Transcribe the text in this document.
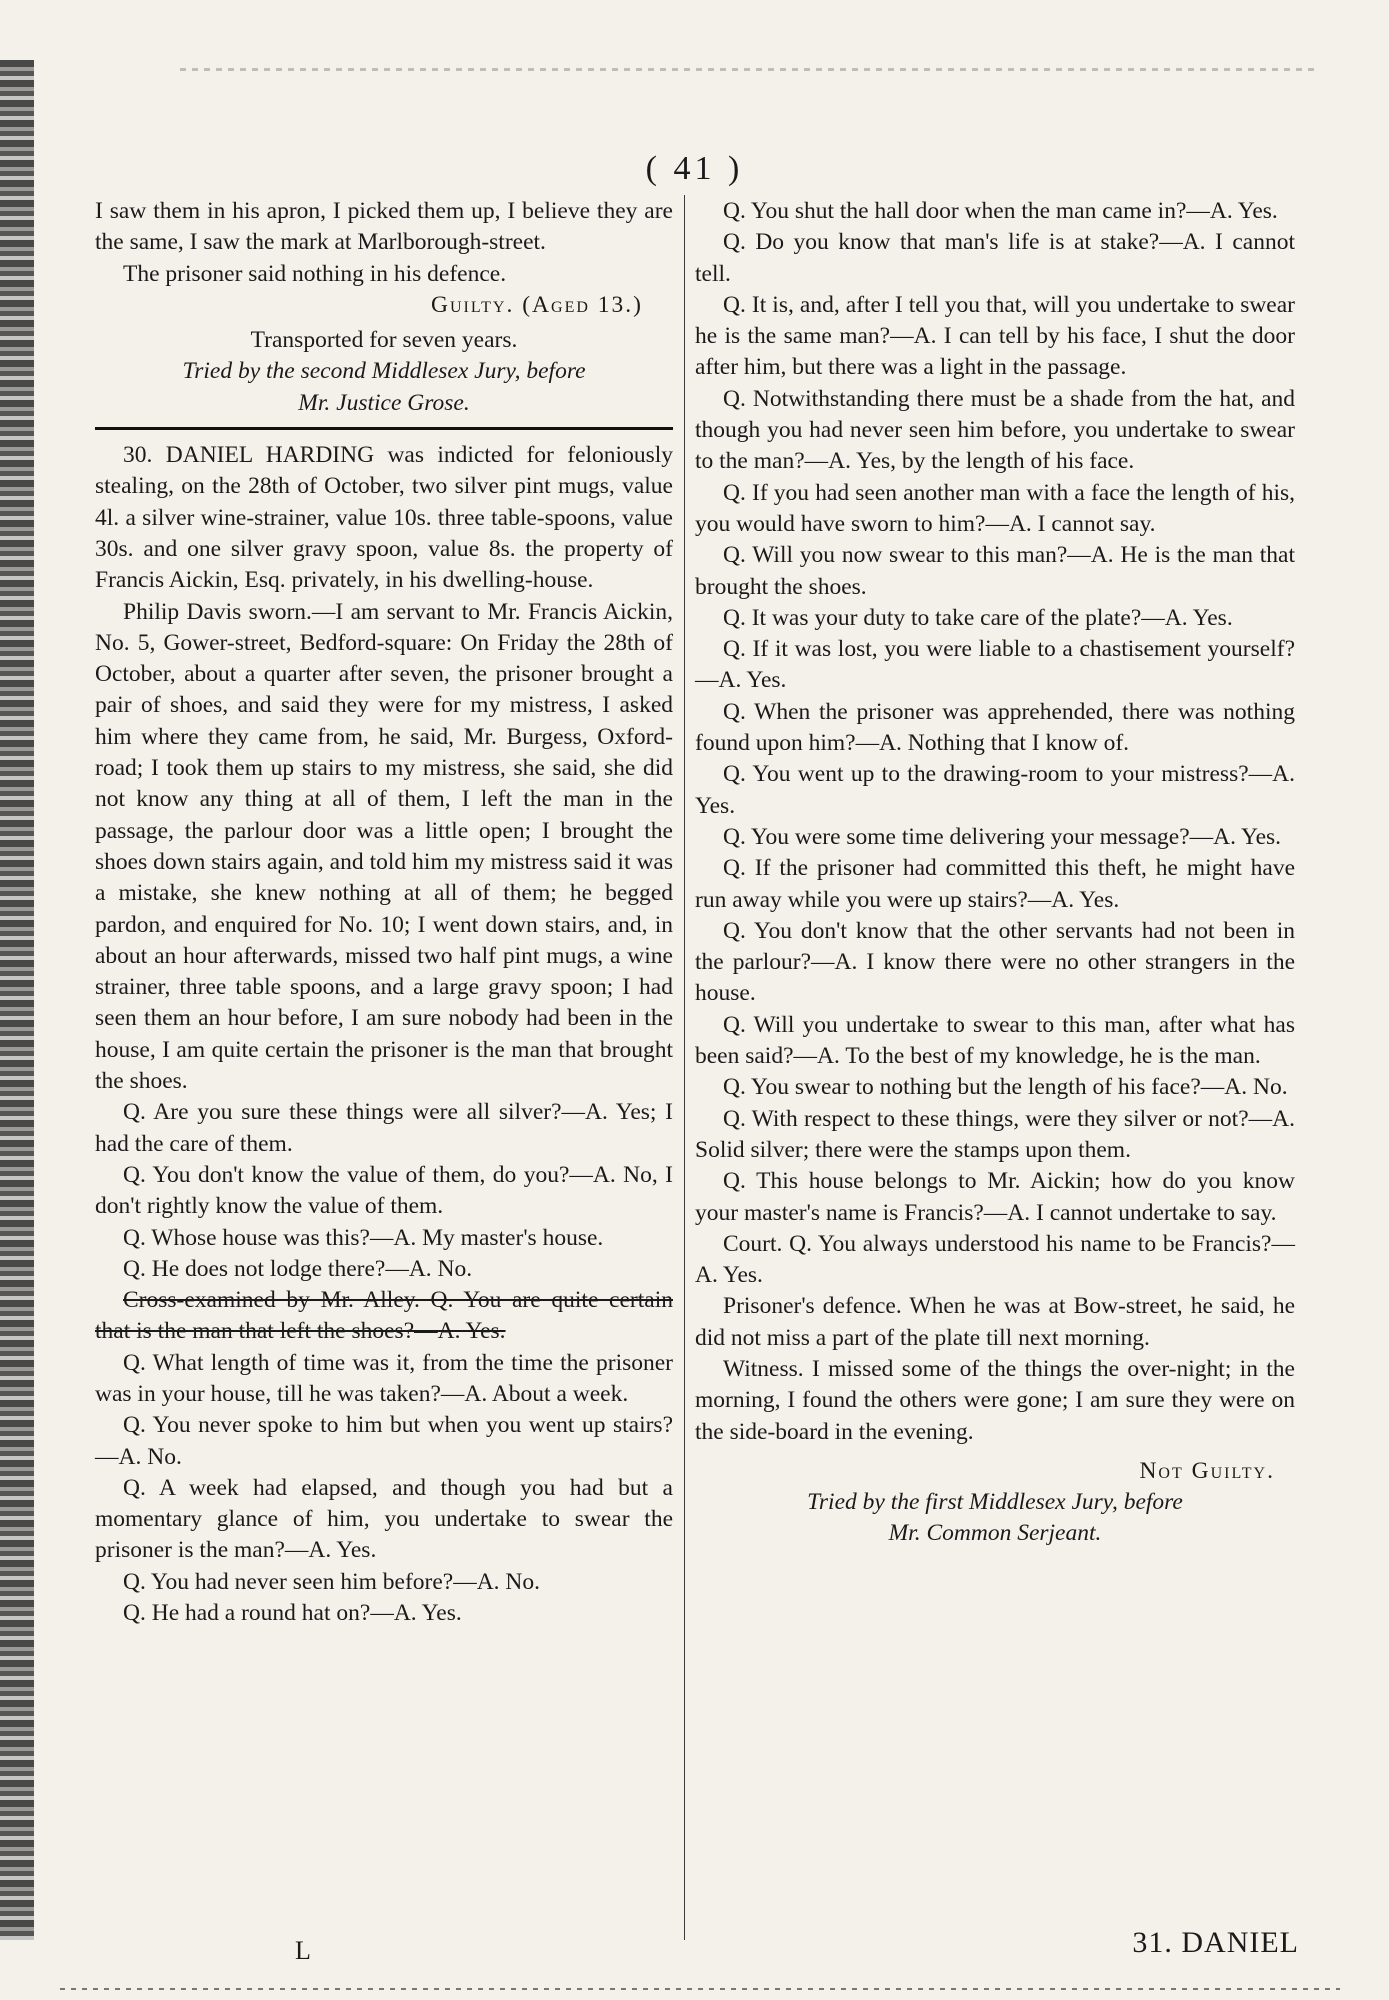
( 41 )

I saw them in his apron, I picked them up, I believe they are the same, I saw the mark at Marlborough-street.

The prisoner said nothing in his defence.

Guilty. (Aged 13.)

Transported for seven years.

Tried by the second Middlesex Jury, before

Mr. Justice Grose.

30. DANIEL HARDING was indicted for feloniously stealing, on the 28th of October, two silver pint mugs, value 4l. a silver wine-strainer, value 10s. three table-spoons, value 30s. and one silver gravy spoon, value 8s. the property of Francis Aickin, Esq. privately, in his dwelling-house.

Philip Davis sworn.—I am servant to Mr. Francis Aickin, No. 5, Gower-street, Bedford-square: On Friday the 28th of October, about a quarter after seven, the prisoner brought a pair of shoes, and said they were for my mistress, I asked him where they came from, he said, Mr. Burgess, Oxford-road; I took them up stairs to my mistress, she said, she did not know any thing at all of them, I left the man in the passage, the parlour door was a little open; I brought the shoes down stairs again, and told him my mistress said it was a mistake, she knew nothing at all of them; he begged pardon, and enquired for No. 10; I went down stairs, and, in about an hour afterwards, missed two half pint mugs, a wine strainer, three table spoons, and a large gravy spoon; I had seen them an hour before, I am sure nobody had been in the house, I am quite certain the prisoner is the man that brought the shoes.

Q. Are you sure these things were all silver?—A. Yes; I had the care of them.

Q. You don't know the value of them, do you?—A. No, I don't rightly know the value of them.

Q. Whose house was this?—A. My master's house.

Q. He does not lodge there?—A. No.

Cross-examined by Mr. Alley. Q. You are quite certain that is the man that left the shoes?—A. Yes.

Q. What length of time was it, from the time the prisoner was in your house, till he was taken?—A. About a week.

Q. You never spoke to him but when you went up stairs?—A. No.

Q. A week had elapsed, and though you had but a momentary glance of him, you undertake to swear the prisoner is the man?—A. Yes.

Q. You had never seen him before?—A. No.

Q. He had a round hat on?—A. Yes.

Q. You shut the hall door when the man came in?—A. Yes.

Q. Do you know that man's life is at stake?—A. I cannot tell.

Q. It is, and, after I tell you that, will you undertake to swear he is the same man?—A. I can tell by his face, I shut the door after him, but there was a light in the passage.

Q. Notwithstanding there must be a shade from the hat, and though you had never seen him before, you undertake to swear to the man?—A. Yes, by the length of his face.

Q. If you had seen another man with a face the length of his, you would have sworn to him?—A. I cannot say.

Q. Will you now swear to this man?—A. He is the man that brought the shoes.

Q. It was your duty to take care of the plate?—A. Yes.

Q. If it was lost, you were liable to a chastisement yourself?—A. Yes.

Q. When the prisoner was apprehended, there was nothing found upon him?—A. Nothing that I know of.

Q. You went up to the drawing-room to your mistress?—A. Yes.

Q. You were some time delivering your message?—A. Yes.

Q. If the prisoner had committed this theft, he might have run away while you were up stairs?—A. Yes.

Q. You don't know that the other servants had not been in the parlour?—A. I know there were no other strangers in the house.

Q. Will you undertake to swear to this man, after what has been said?—A. To the best of my knowledge, he is the man.

Q. You swear to nothing but the length of his face?—A. No.

Q. With respect to these things, were they silver or not?—A. Solid silver; there were the stamps upon them.

Q. This house belongs to Mr. Aickin; how do you know your master's name is Francis?—A. I cannot undertake to say.

Court. Q. You always understood his name to be Francis?—A. Yes.

Prisoner's defence. When he was at Bow-street, he said, he did not miss a part of the plate till next morning.

Witness. I missed some of the things the over-night; in the morning, I found the others were gone; I am sure they were on the side-board in the evening.

Not Guilty.

Tried by the first Middlesex Jury, before

Mr. Common Serjeant.

L	31. DANIEL
